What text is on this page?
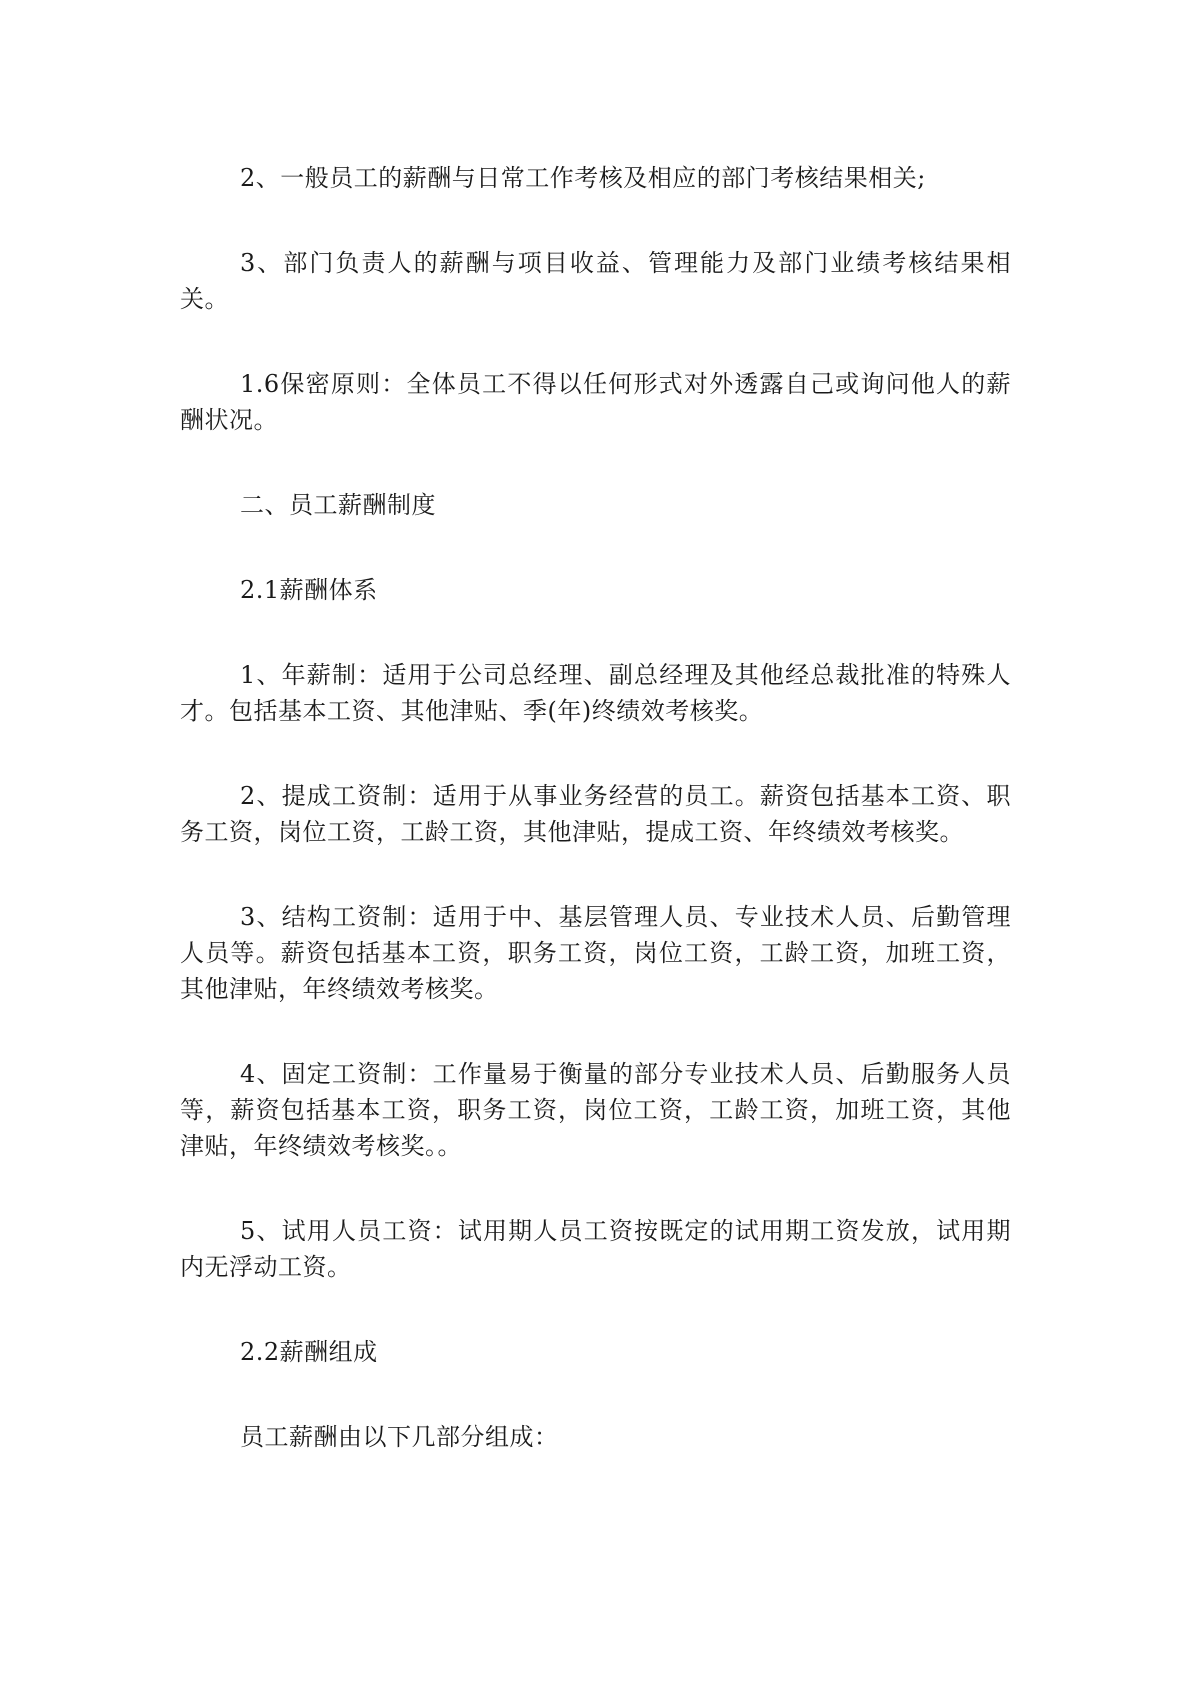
2、一般员工的薪酬与日常工作考核及相应的部门考核结果相关;

3、部门负责人的薪酬与项目收益、管理能力及部门业绩考核结果相关。

1.6保密原则：全体员工不得以任何形式对外透露自己或询问他人的薪酬状况。

二、员工薪酬制度

2.1薪酬体系

1、年薪制：适用于公司总经理、副总经理及其他经总裁批准的特殊人才。包括基本工资、其他津贴、季(年)终绩效考核奖。

2、提成工资制：适用于从事业务经营的员工。薪资包括基本工资、职务工资，岗位工资，工龄工资，其他津贴，提成工资、年终绩效考核奖。

3、结构工资制：适用于中、基层管理人员、专业技术人员、后勤管理人员等。薪资包括基本工资，职务工资，岗位工资，工龄工资，加班工资，其他津贴，年终绩效考核奖。

4、固定工资制：工作量易于衡量的部分专业技术人员、后勤服务人员等，薪资包括基本工资，职务工资，岗位工资，工龄工资，加班工资，其他津贴，年终绩效考核奖。。

5、试用人员工资：试用期人员工资按既定的试用期工资发放，试用期内无浮动工资。

2.2薪酬组成

员工薪酬由以下几部分组成：
